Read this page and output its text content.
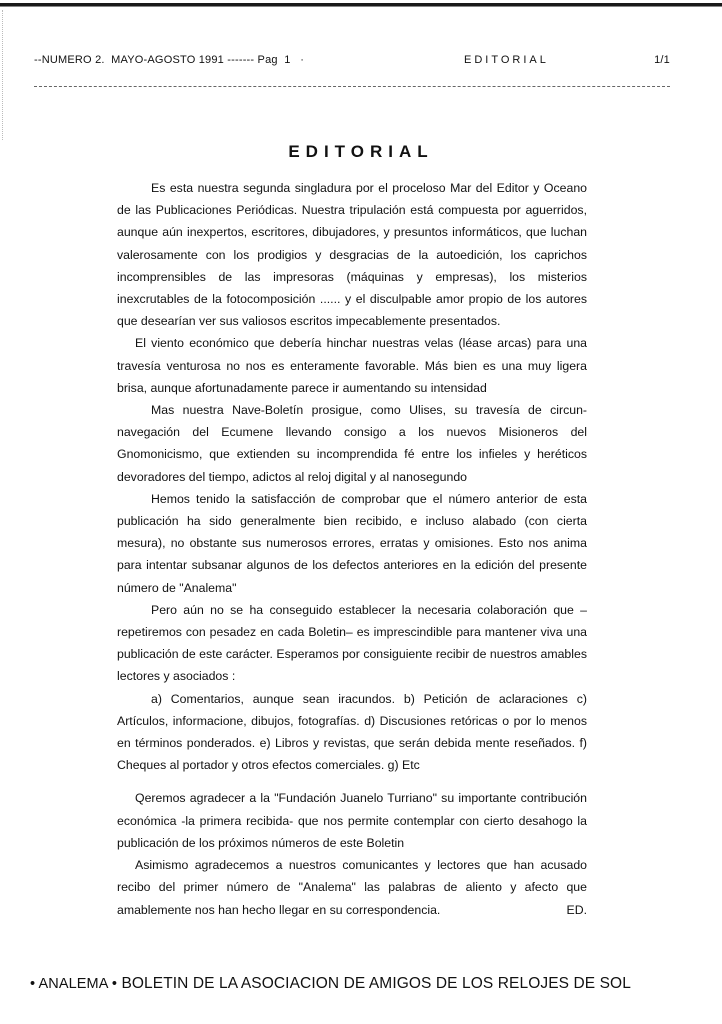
--NUMERO 2.  MAYO-AGOSTO 1991 ------- Pag  1   ·	EDITORIAL	1/1
EDITORIAL

Es esta nuestra segunda singladura por el proceloso Mar del Editor y Oceano de las Publicaciones Periódicas. Nuestra tripulación está compuesta por aguerridos, aunque aún inexpertos, escritores, dibujadores, y presuntos informáticos, que luchan valerosamente con los prodigios y desgracias de la autoedición, los caprichos incomprensibles de las impresoras (máquinas y empresas), los misterios inexcrutables de la fotocomposición ...... y el disculpable amor propio de los autores que desearían ver sus valiosos escritos impecablemente presentados.

El viento económico que debería hinchar nuestras velas (léase arcas) para una travesía venturosa no nos es enteramente favorable. Más bien es una muy ligera brisa, aunque afortunadamente parece ir aumentando su intensidad

Mas nuestra Nave-Boletín prosigue, como Ulises, su travesía de circun-navegación del Ecumene llevando consigo a los nuevos Misioneros del Gnomonicismo, que extienden su incomprendida fé entre los infieles y heréticos devoradores del tiempo, adictos al reloj digital y al nanosegundo

Hemos tenido la satisfacción de comprobar que el número anterior de esta publicación ha sido generalmente bien recibido, e incluso alabado (con cierta mesura), no obstante sus numerosos errores, erratas y omisiones. Esto nos anima para intentar subsanar algunos de los defectos anteriores en la edición del presente número de "Analema"

Pero aún no se ha conseguido establecer la necesaria colaboración que –repetiremos con pesadez en cada Boletin– es imprescindible para mantener viva una publicación de este carácter. Esperamos por consiguiente recibir de nuestros amables lectores y asociados :

a) Comentarios, aunque sean iracundos. b) Petición de aclaraciones c) Artículos, informacione, dibujos, fotografías. d) Discusiones retóricas o por lo menos en términos ponderados. e) Libros y revistas, que serán debida mente reseñados. f) Cheques al portador y otros efectos comerciales. g) Etc

Qeremos agradecer a la "Fundación Juanelo Turriano" su importante contribución económica -la primera recibida- que nos permite contemplar con cierto desahogo la publicación de los próximos números de este Boletin

Asimismo agradecemos a nuestros comunicantes y lectores que han acusado recibo del primer número de "Analema" las palabras de aliento y afecto que amablemente nos han hecho llegar en su correspondencia.	ED.

• ANALEMA • BOLETIN DE LA ASOCIACION DE AMIGOS DE LOS RELOJES DE SOL
